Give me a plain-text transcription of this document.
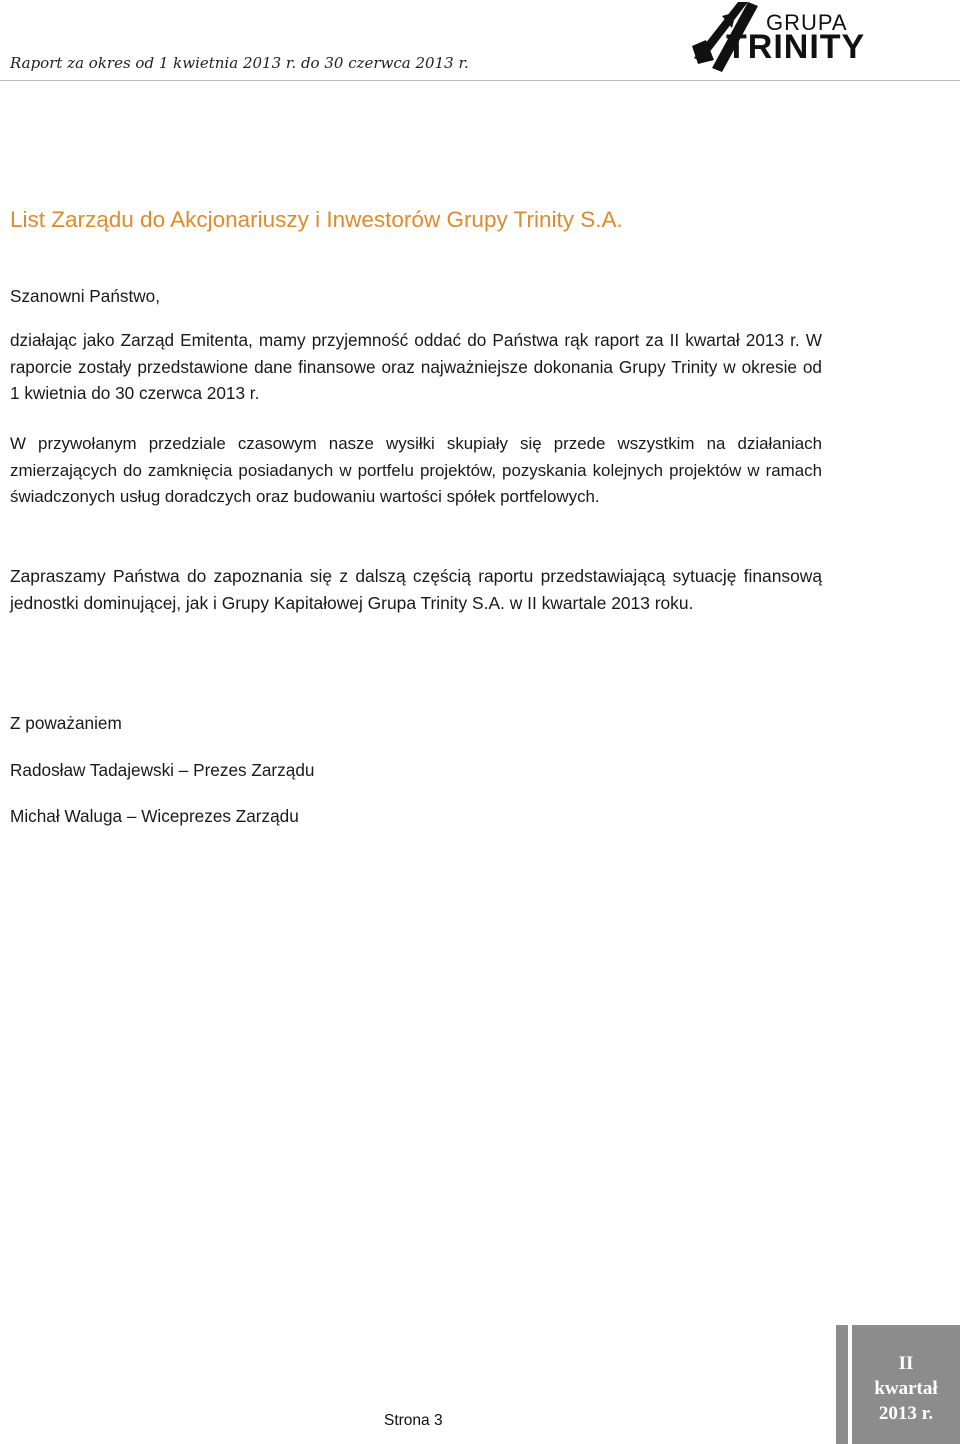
Raport za okres od 1 kwietnia 2013 r. do 30 czerwca 2013 r.
GRUPA
TRINITY
List Zarządu do Akcjonariuszy i Inwestorów Grupy Trinity S.A.
Szanowni Państwo,
działając jako Zarząd Emitenta, mamy przyjemność oddać do Państwa rąk raport za II kwartał 2013 r. W raporcie zostały przedstawione dane finansowe oraz najważniejsze dokonania Grupy Trinity w okresie od 1 kwietnia do 30 czerwca 2013 r.
W przywołanym przedziale czasowym nasze wysiłki skupiały się przede wszystkim na działaniach zmierzających do zamknięcia posiadanych w portfelu projektów, pozyskania kolejnych projektów w ramach świadczonych usług doradczych oraz budowaniu wartości spółek portfelowych.
Zapraszamy Państwa do zapoznania się z dalszą częścią raportu przedstawiającą sytuację finansową jednostki dominującej, jak i Grupy Kapitałowej Grupa Trinity S.A. w II kwartale 2013 roku.
Z poważaniem
Radosław Tadajewski – Prezes Zarządu
Michał Waluga – Wiceprezes Zarządu
Strona 3
II
kwartał
2013 r.
